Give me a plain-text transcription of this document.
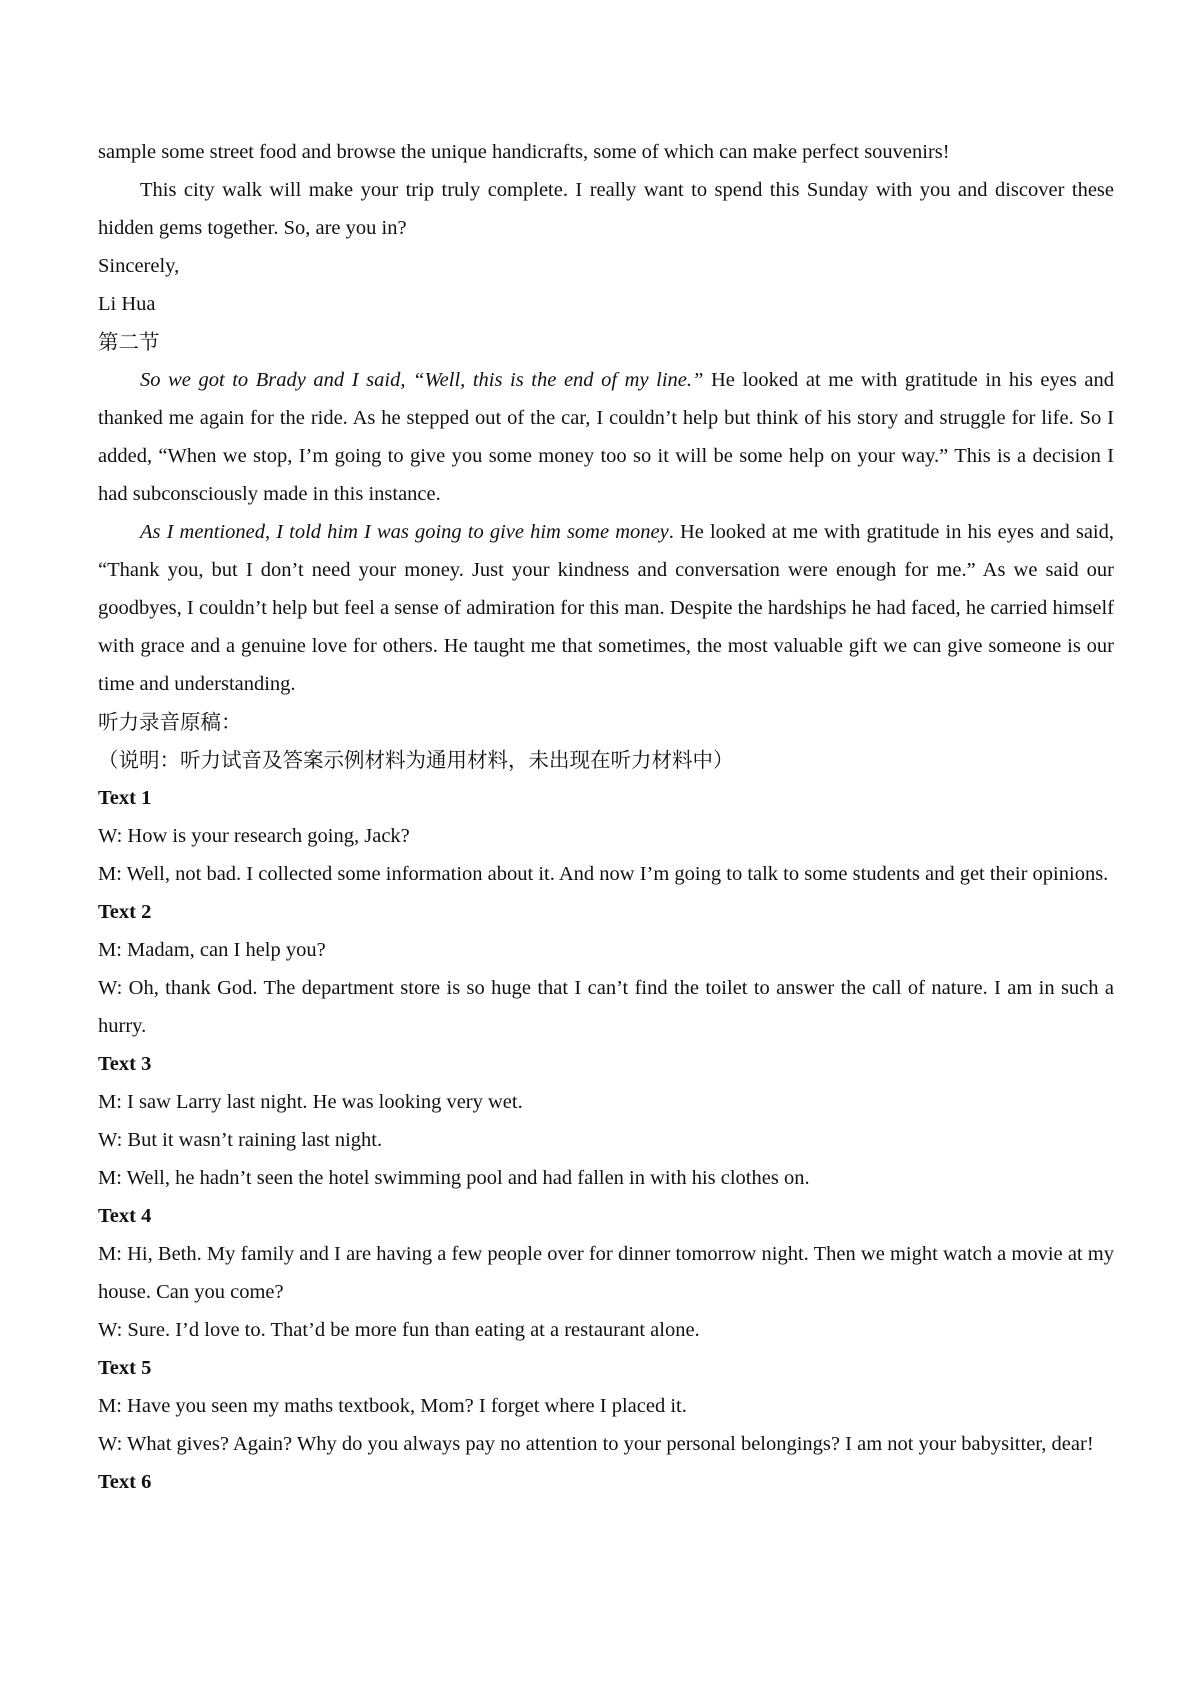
sample some street food and browse the unique handicrafts, some of which can make perfect souvenirs!

This city walk will make your trip truly complete. I really want to spend this Sunday with you and discover these hidden gems together. So, are you in?

Sincerely,

Li Hua

第二节

So we got to Brady and I said, “Well, this is the end of my line.” He looked at me with gratitude in his eyes and thanked me again for the ride. As he stepped out of the car, I couldn’t help but think of his story and struggle for life. So I added, “When we stop, I’m going to give you some money too so it will be some help on your way.” This is a decision I had subconsciously made in this instance.

As I mentioned, I told him I was going to give him some money. He looked at me with gratitude in his eyes and said, “Thank you, but I don’t need your money. Just your kindness and conversation were enough for me.” As we said our goodbyes, I couldn’t help but feel a sense of admiration for this man. Despite the hardships he had faced, he carried himself with grace and a genuine love for others. He taught me that sometimes, the most valuable gift we can give someone is our time and understanding.

听力录音原稿：

（说明：听力试音及答案示例材料为通用材料，未出现在听力材料中）

Text 1

W: How is your research going, Jack?

M: Well, not bad. I collected some information about it. And now I’m going to talk to some students and get their opinions.

Text 2

M: Madam, can I help you?

W: Oh, thank God. The department store is so huge that I can’t find the toilet to answer the call of nature. I am in such a hurry.

Text 3

M: I saw Larry last night. He was looking very wet.

W: But it wasn’t raining last night.

M: Well, he hadn’t seen the hotel swimming pool and had fallen in with his clothes on.

Text 4

M: Hi, Beth. My family and I are having a few people over for dinner tomorrow night. Then we might watch a movie at my house. Can you come?

W: Sure. I’d love to. That’d be more fun than eating at a restaurant alone.

Text 5

M: Have you seen my maths textbook, Mom? I forget where I placed it.

W: What gives? Again? Why do you always pay no attention to your personal belongings? I am not your babysitter, dear!

Text 6
